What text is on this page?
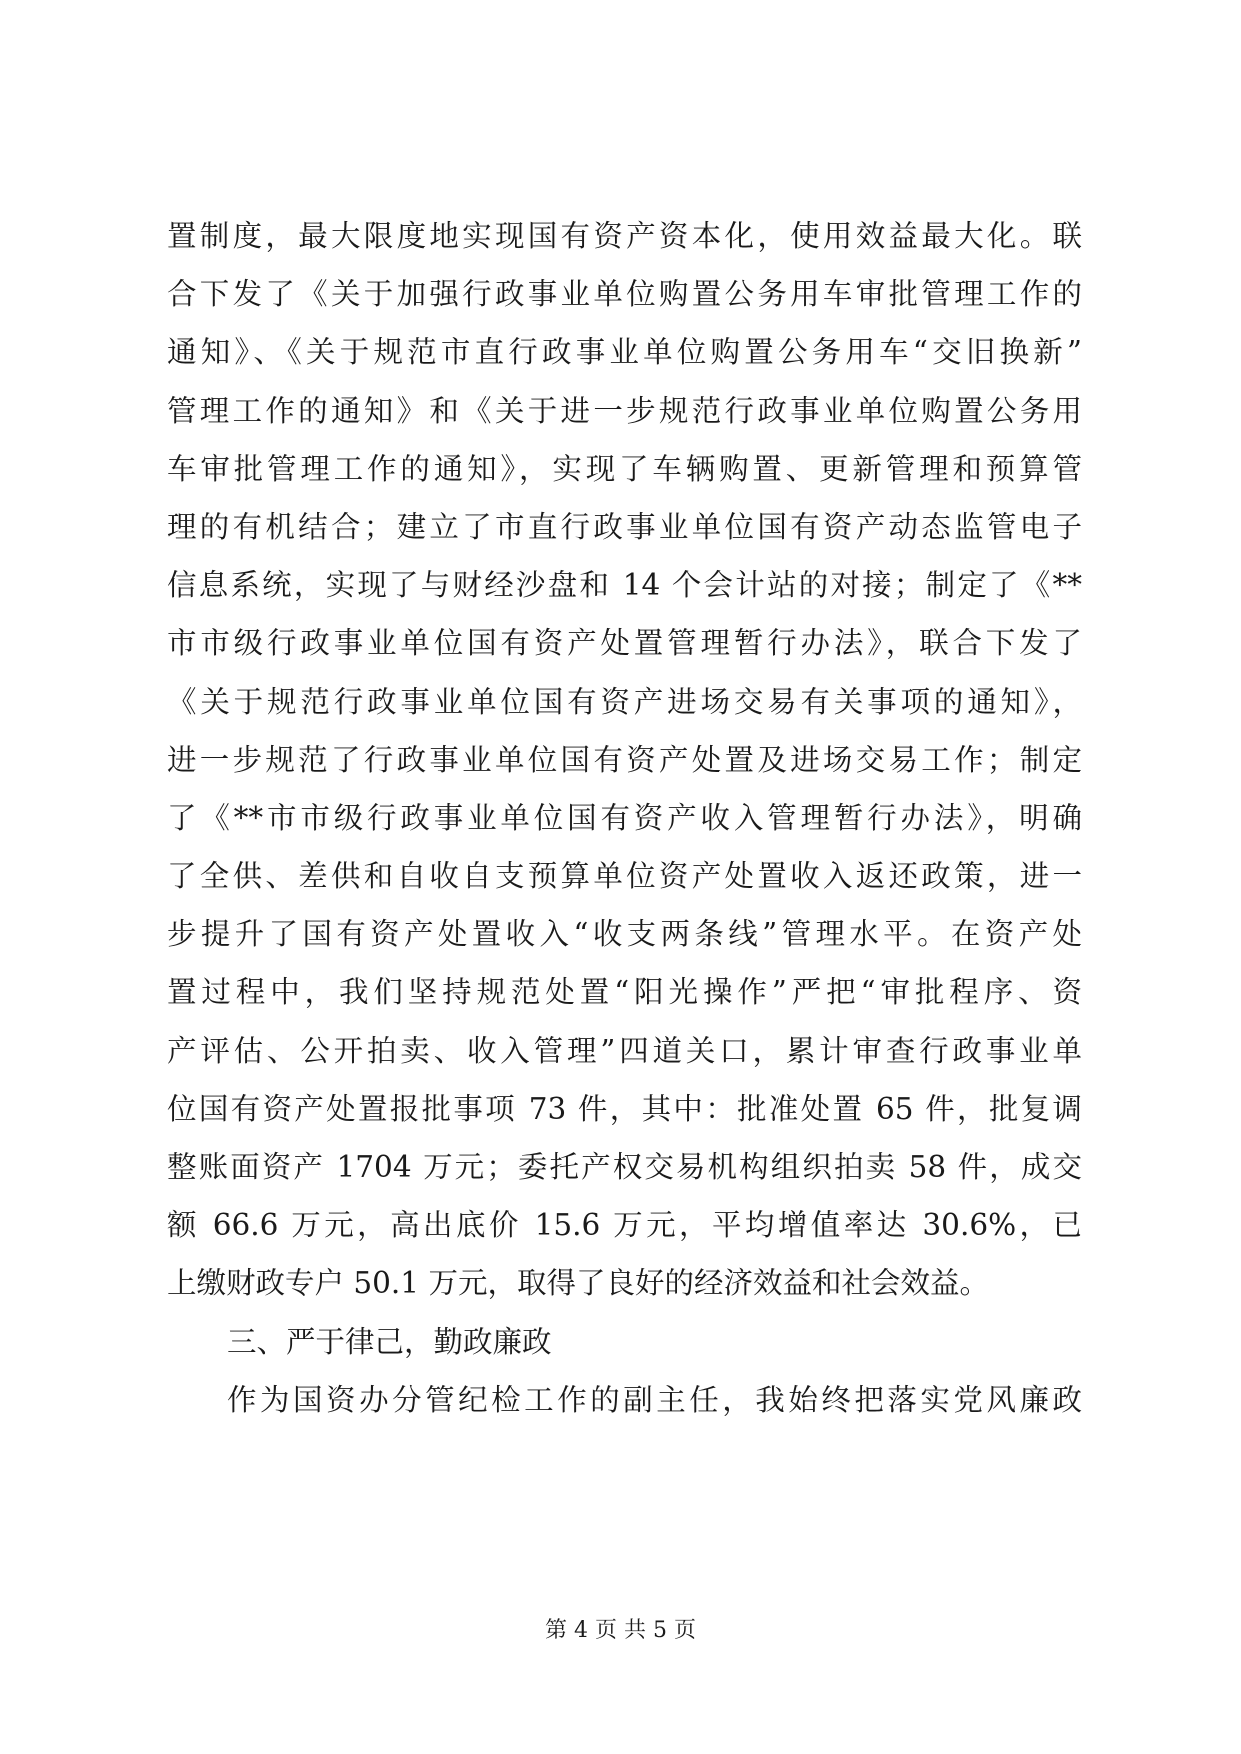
置制度，最大限度地实现国有资产资本化，使用效益最大化。联
合下发了《关于加强行政事业单位购置公务用车审批管理工作的
通知》、《关于规范市直行政事业单位购置公务用车“交旧换新”
管理工作的通知》和《关于进一步规范行政事业单位购置公务用
车审批管理工作的通知》，实现了车辆购置、更新管理和预算管
理的有机结合；建立了市直行政事业单位国有资产动态监管电子
信息系统，实现了与财经沙盘和 14 个会计站的对接；制定了《**
市市级行政事业单位国有资产处置管理暂行办法》，联合下发了
《关于规范行政事业单位国有资产进场交易有关事项的通知》，
进一步规范了行政事业单位国有资产处置及进场交易工作；制定
了《**市市级行政事业单位国有资产收入管理暂行办法》，明确
了全供、差供和自收自支预算单位资产处置收入返还政策，进一
步提升了国有资产处置收入“收支两条线”管理水平。在资产处
置过程中，我们坚持规范处置“阳光操作”严把“审批程序、资
产评估、公开拍卖、收入管理”四道关口，累计审查行政事业单
位国有资产处置报批事项 73 件，其中：批准处置 65 件，批复调
整账面资产 1704 万元；委托产权交易机构组织拍卖 58 件，成交
额 66.6 万元，高出底价 15.6 万元，平均增值率达 30.6%，已
上缴财政专户 50.1 万元，取得了良好的经济效益和社会效益。
三、严于律己，勤政廉政
作为国资办分管纪检工作的副主任，我始终把落实党风廉政
第 4 页 共 5 页
